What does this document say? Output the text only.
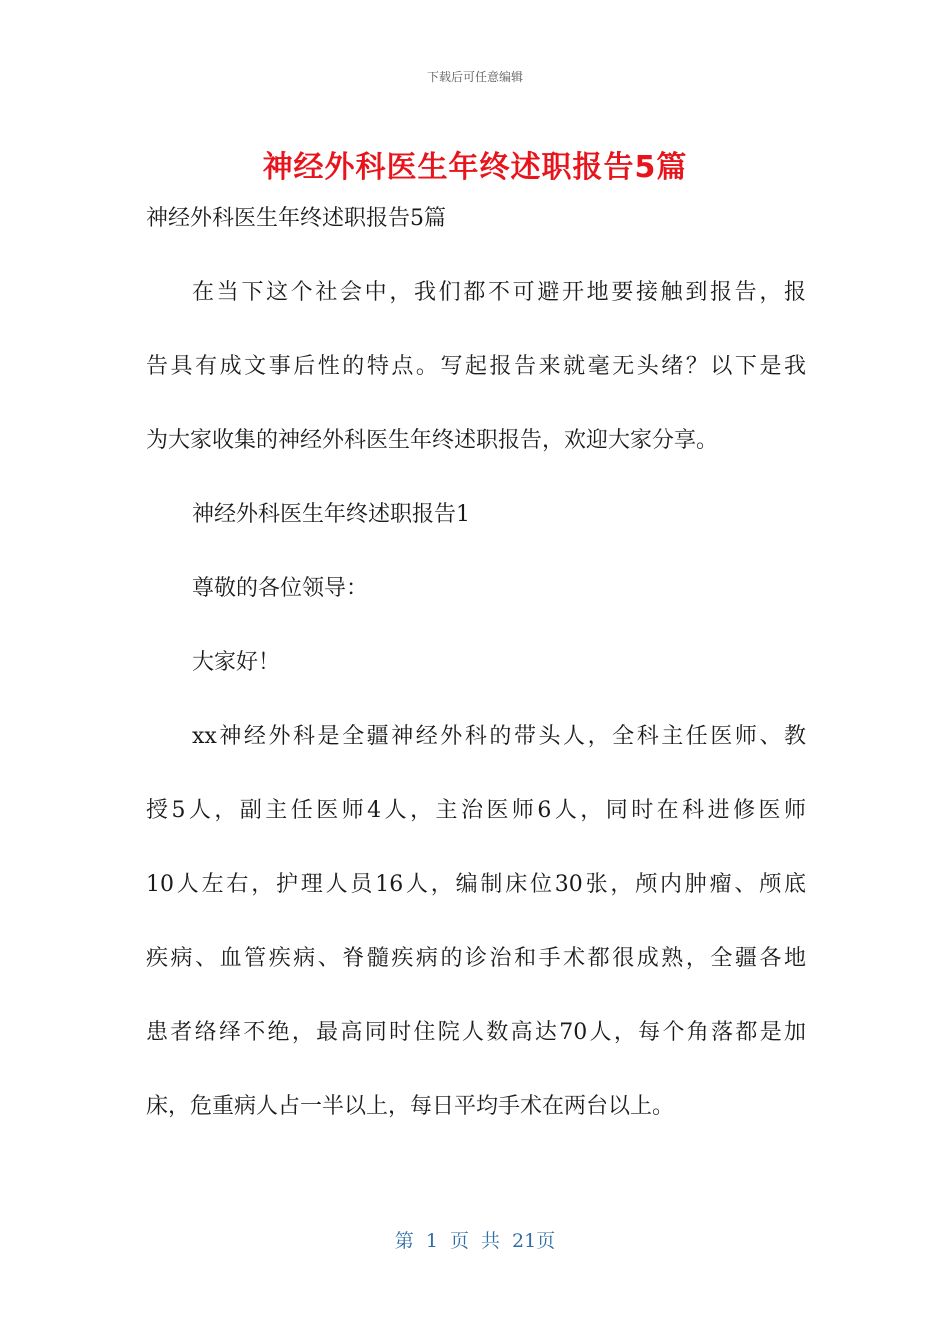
下载后可任意编辑
神经外科医生年终述职报告5篇
神经外科医生年终述职报告5篇
在当下这个社会中，我们都不可避开地要接触到报告，报
告具有成文事后性的特点。写起报告来就毫无头绪？以下是我
为大家收集的神经外科医生年终述职报告，欢迎大家分享。
神经外科医生年终述职报告1
尊敬的各位领导：
大家好！
xx神经外科是全疆神经外科的带头人，全科主任医师、教
授5人，副主任医师4人，主治医师6人，同时在科进修医师
10人左右，护理人员16人，编制床位30张，颅内肿瘤、颅底
疾病、血管疾病、脊髓疾病的诊治和手术都很成熟，全疆各地
患者络绎不绝，最高同时住院人数高达70人，每个角落都是加
床，危重病人占一半以上，每日平均手术在两台以上。
第 1 页 共 21页
